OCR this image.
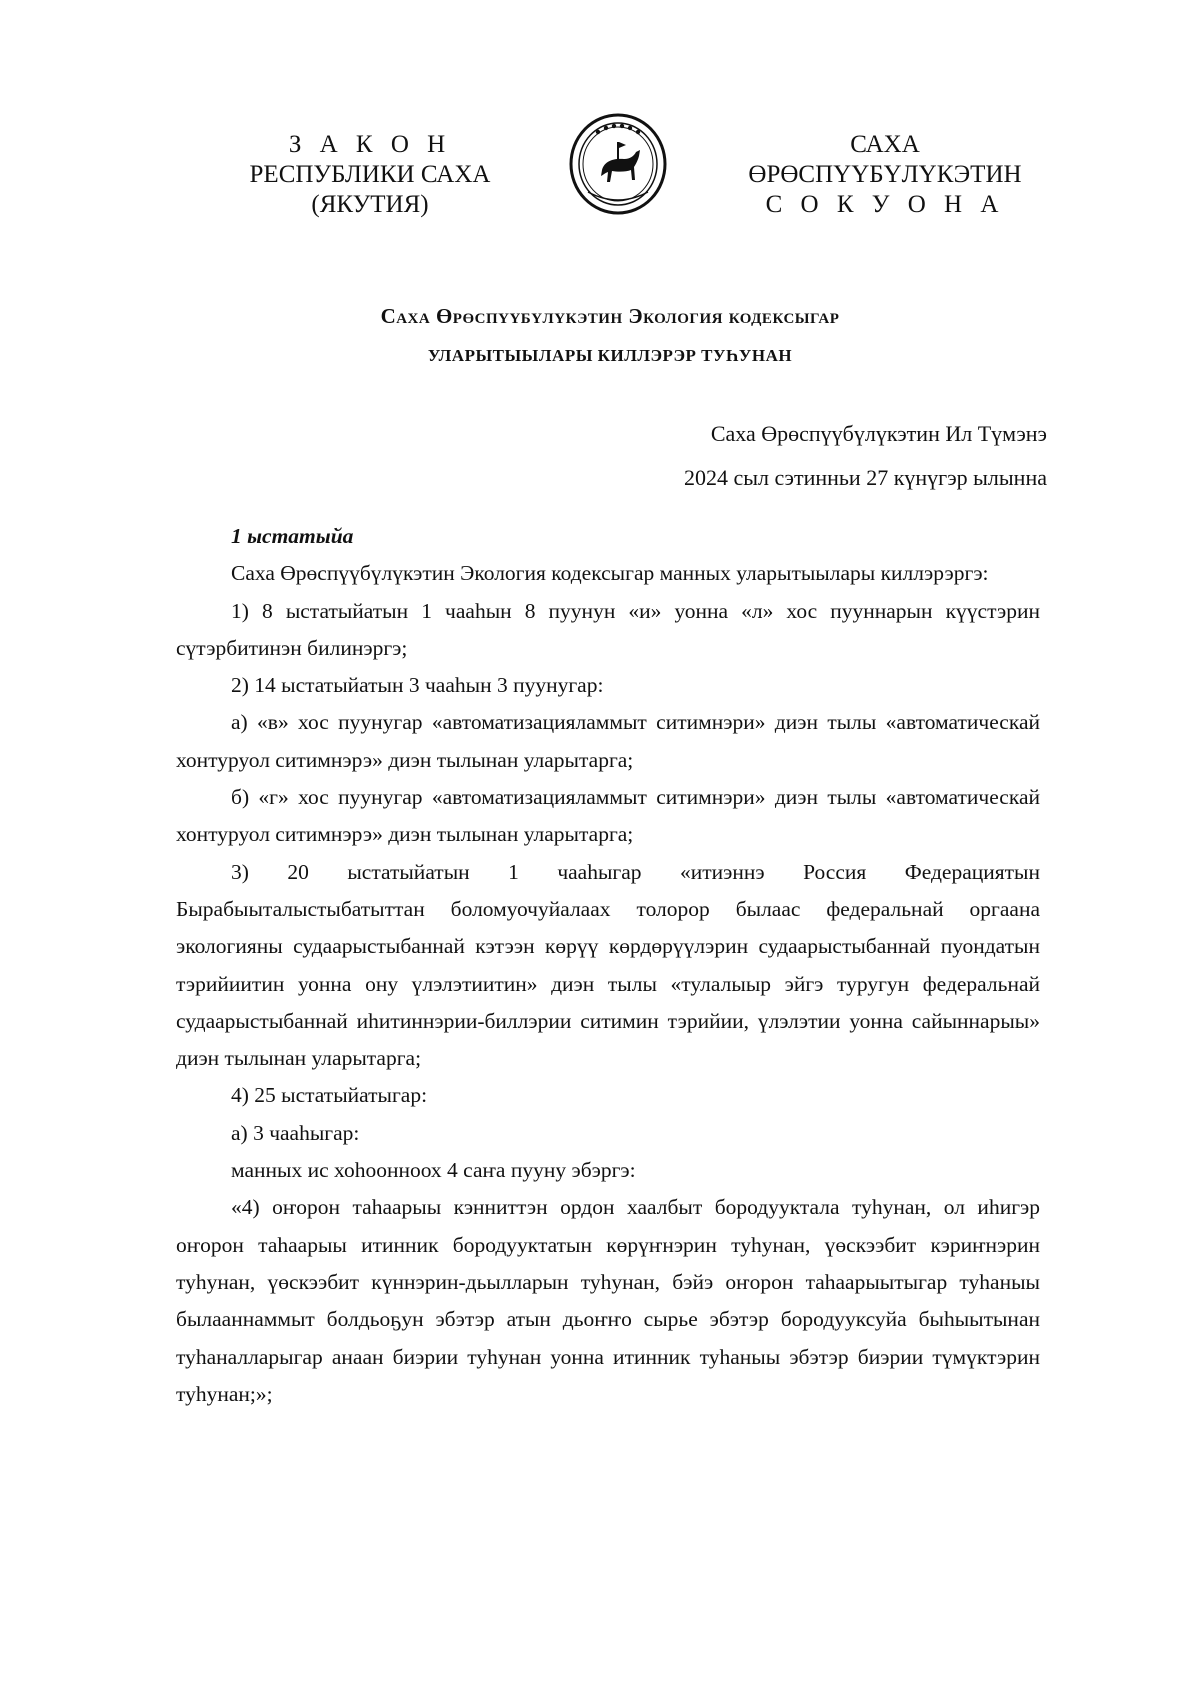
З А К О Н
РЕСПУБЛИКИ САХА (ЯКУТИЯ)
САХА ӨРӨСПҮҮБҮЛҮКЭТИН
С О К У О Н А
Саха Өрөспүүбүлүкэтин Экология кодексыгар
УЛАРЫТЫЫЛАРЫ КИЛЛЭРЭР ТУҺУНАН
Саха Өрөспүүбүлүкэтин Ил Түмэнэ
2024 сыл сэтинньи 27 күнүгэр ылынна

1 ыстатыйа

Саха Өрөспүүбүлүкэтин Экология кодексыгар манных уларытыылары киллэрэргэ:

1) 8 ыстатыйатын 1 чааһын 8 пуунун «и» уонна «л» хос пууннарын күүстэрин сүтэрбитинэн билинэргэ;

2) 14 ыстатыйатын 3 чааһын 3 пуунугар:

а) «в» хос пуунугар «автоматизацияламмыт ситимнэри» диэн тылы «автоматическай хонтуруол ситимнэрэ» диэн тылынан уларытарга;

б) «г» хос пуунугар «автоматизацияламмыт ситимнэри» диэн тылы «автоматическай хонтуруол ситимнэрэ» диэн тылынан уларытарга;

3) 20 ыстатыйатын 1 чааһыгар «итиэннэ Россия Федерациятын Бырабыыталыстыбатыттан боломуочуйалаах толорор былаас федеральнай оргаана экологияны судаарыстыбаннай кэтээн көрүү көрдөрүүлэрин судаарыстыбаннай пуондатын тэрийиитин уонна ону үлэлэтиитин» диэн тылы «тулалыыр эйгэ туругун федеральнай судаарыстыбаннай иһитиннэрии-биллэрии ситимин тэрийии, үлэлэтии уонна сайыннарыы» диэн тылынан уларытарга;

4) 25 ыстатыйатыгар:

а) 3 чааһыгар:

манных ис хоһоонноох 4 саҥа пууну эбэргэ:

«4) оҥорон таһаарыы кэнниттэн ордон хаалбыт бородууктала туһунан, ол иһигэр оҥорон таһаарыы итинник бородууктатын көрүҥнэрин туһунан, үөскээбит кэриҥнэрин туһунан, үөскээбит күннэрин-дьылларын туһунан, бэйэ оҥорон таһаарыытыгар туһаныы былааннаммыт болдьоҕун эбэтэр атын дьоҥҥо сырье эбэтэр бородууксуйа быһыытынан туһаналларыгар анаан биэрии туһунан уонна итинник туһаныы эбэтэр биэрии түмүктэрин туһунан;»;
